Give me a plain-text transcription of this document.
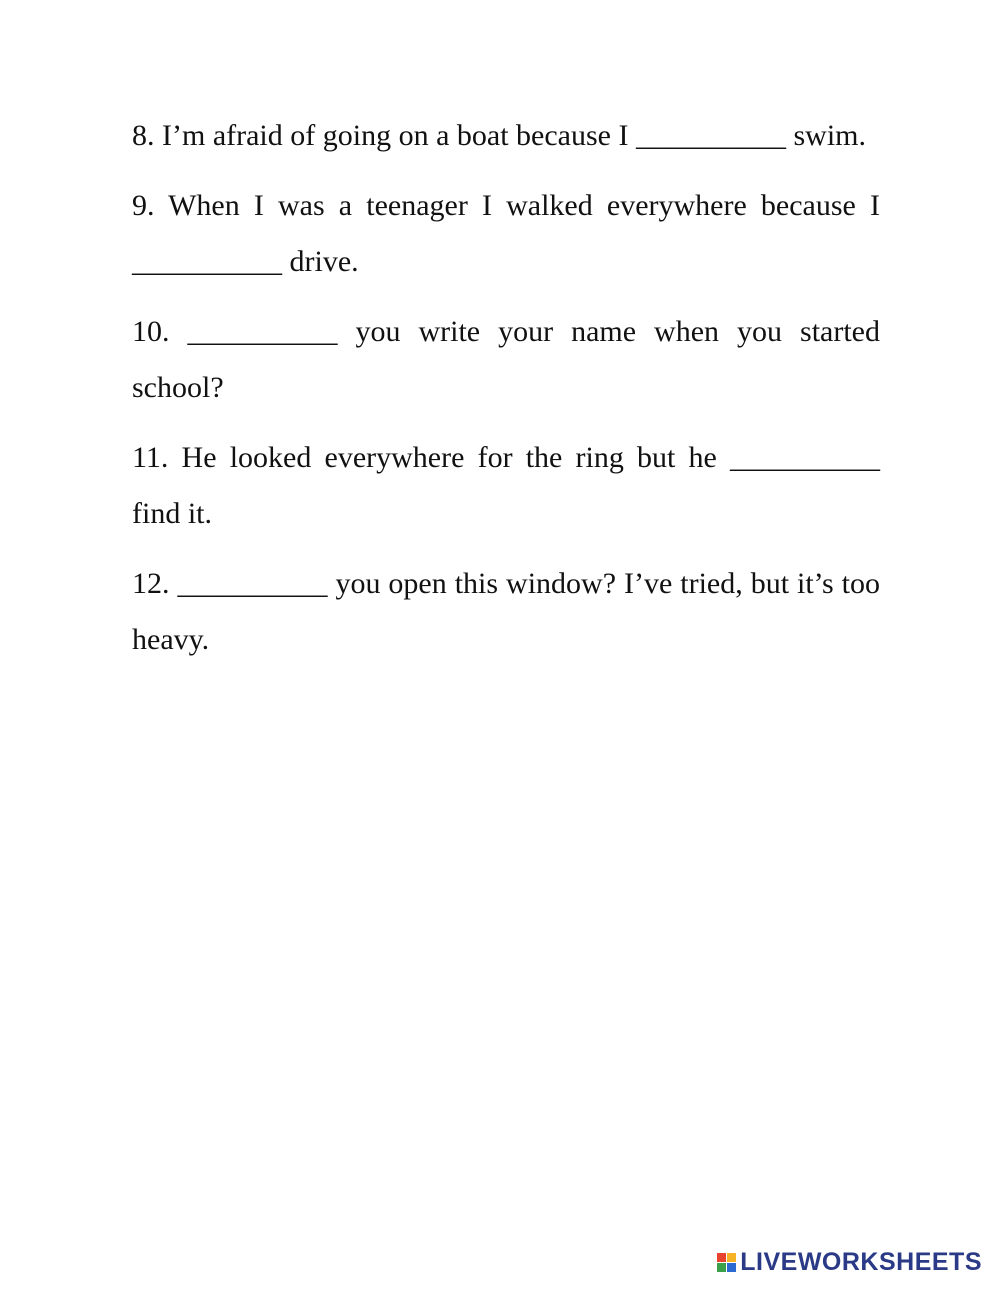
8. I’m afraid of going on a boat because I __________ swim.

9. When I was a teenager I walked everywhere because I __________ drive.

10. __________ you write your name when you started school?

11. He looked everywhere for the ring but he __________ find it.

12. __________ you open this window? I’ve tried, but it’s too heavy.

LIVEWORKSHEETS
